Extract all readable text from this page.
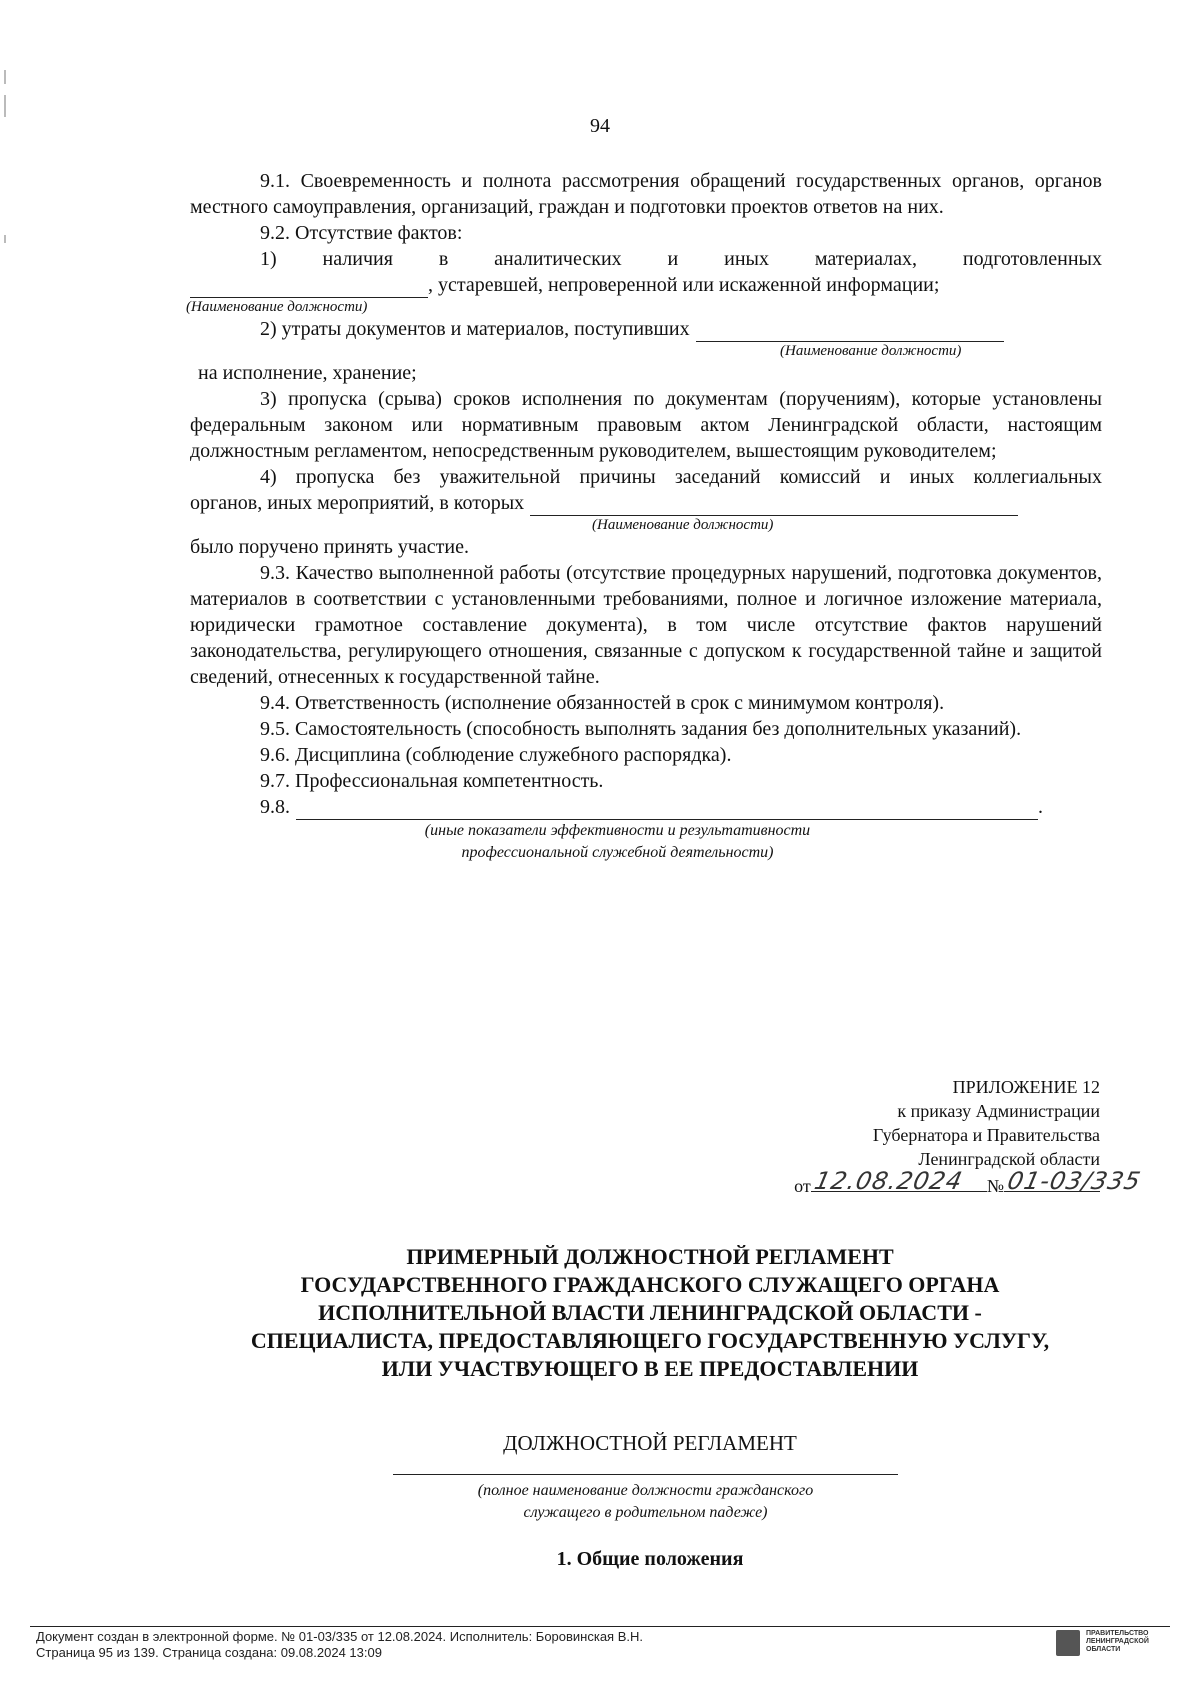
94

9.1. Своевременность и полнота рассмотрения обращений государственных органов, органов местного самоуправления, организаций, граждан и подготовки проектов ответов на них.

9.2. Отсутствие фактов:

1) наличия в аналитических и иных материалах, подготовленных

, устаревшей, непроверенной или искаженной информации;

(Наименование должности)

2) утраты документов и материалов, поступивших

(Наименование должности)

на исполнение, хранение;

3) пропуска (срыва) сроков исполнения по документам (поручениям), которые установлены федеральным законом или нормативным правовым актом Ленинградской области, настоящим должностным регламентом, непосредственным руководителем, вышестоящим руководителем;

4) пропуска без уважительной причины заседаний комиссий и иных коллегиальных

органов, иных мероприятий, в которых

(Наименование должности)

было поручено принять участие.

9.3. Качество выполненной работы (отсутствие процедурных нарушений, подготовка документов, материалов в соответствии с установленными требованиями, полное и логичное изложение материала, юридически грамотное составление документа), в том числе отсутствие фактов нарушений законодательства, регулирующего отношения, связанные с допуском к государственной тайне и защитой сведений, отнесенных к государственной тайне.

9.4. Ответственность (исполнение обязанностей в срок с минимумом контроля).

9.5. Самостоятельность (способность выполнять задания без дополнительных указаний).

9.6. Дисциплина (соблюдение служебного распорядка).

9.7. Профессиональная компетентность.

9.8.	.

(иные показатели эффективности и результативности

профессиональной служебной деятельности)

ПРИЛОЖЕНИЕ 12
к приказу Администрации
Губернатора и Правительства
Ленинградской области
от 12.08.2024 № 01-03/335
ПРИМЕРНЫЙ ДОЛЖНОСТНОЙ РЕГЛАМЕНТ
ГОСУДАРСТВЕННОГО ГРАЖДАНСКОГО СЛУЖАЩЕГО ОРГАНА
ИСПОЛНИТЕЛЬНОЙ ВЛАСТИ ЛЕНИНГРАДСКОЙ ОБЛАСТИ -
СПЕЦИАЛИСТА, ПРЕДОСТАВЛЯЮЩЕГО ГОСУДАРСТВЕННУЮ УСЛУГУ,
ИЛИ УЧАСТВУЮЩЕГО В ЕЕ ПРЕДОСТАВЛЕНИИ
ДОЛЖНОСТНОЙ РЕГЛАМЕНТ
(полное наименование должности гражданского
служащего в родительном падеже)
1. Общие положения
Документ создан в электронной форме. № 01-03/335 от 12.08.2024. Исполнитель: Боровинская В.Н.
Страница 95 из 139. Страница создана: 09.08.2024 13:09
ПРАВИТЕЛЬСТВО
ЛЕНИНГРАДСКОЙ
ОБЛАСТИ
